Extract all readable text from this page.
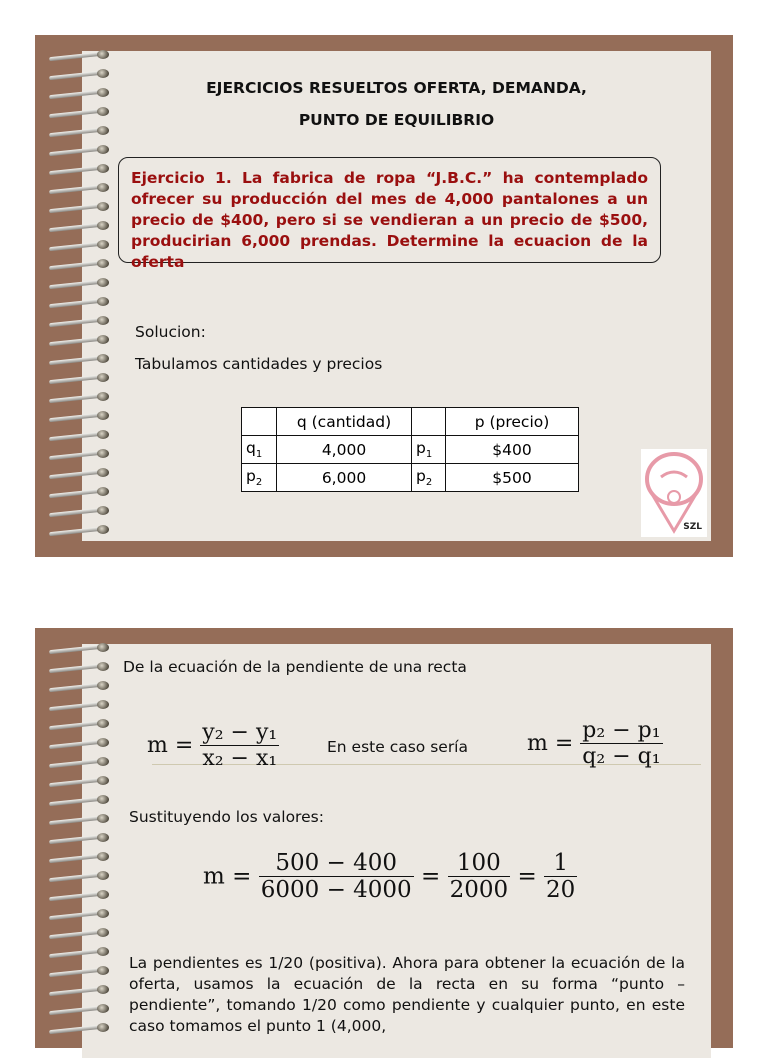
EJERCICIOS RESUELTOS OFERTA, DEMANDA,
PUNTO DE EQUILIBRIO
Ejercicio 1. La fabrica de ropa “J.B.C.” ha contemplado ofrecer su producción del mes de 4,000 pantalones a un precio de $400, pero si se vendieran a un precio de $500, producirian 6,000 prendas. Determine la ecuacion de la oferta
Solucion:
Tabulamos cantidades y precios
	q (cantidad)		p (precio)
$q_1$	4,000	$p_1$	$400
$p_2$	6,000	$p_2$	$500
SZL
De la ecuación de la pendiente de una recta
$m = \frac{\text{y₂ − y₁}}{\text{x₂ − x₁}}$	En este caso sería	$m = \frac{\text{p₂ − p₁}}{\text{q₂ − q₁}}$
Sustituyendo los valores:
$m = \frac{500 - 400}{6000 - 4000} = \frac{100}{2000} = \frac{1}{20}$
La pendientes es 1/20 (positiva). Ahora para obtener la ecuación de la oferta, usamos la ecuación de la recta en su forma “punto – pendiente”, tomando 1/20 como pendiente y cualquier punto, en este caso tomamos el punto 1 (4,000,
